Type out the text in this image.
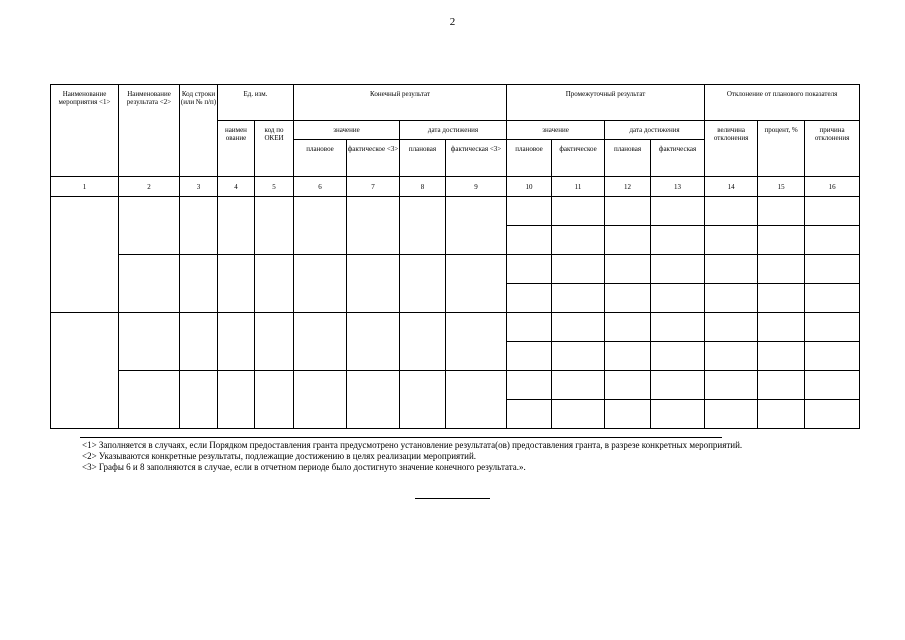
2
Наименование мероприятия <1>	Наименование результата <2>	Код строки (или № п/п)	Ед. изм.		Конечный результат				Промежуточный результат				Отклонение от планового показателя		
			наимен ование	код по ОКЕИ	значение		дата достижения		значение		дата достижения		величина отклонения	процент, %	причина отклонения
					плановое	фактическое <3>	плановая	фактическая <3>	плановое	фактическое	плановая	фактическая			
1	2	3	4	5	6	7	8	9	10	11	12	13	14	15	16

<1> Заполняется в случаях, если Порядком предоставления гранта предусмотрено установление результата(ов) предоставления гранта, в разрезе конкретных мероприятий.

<2> Указываются конкретные результаты, подлежащие достижению в целях реализации мероприятий.

<3> Графы 6 и 8 заполняются в случае, если в отчетном периоде было достигнуто значение конечного результата.».
